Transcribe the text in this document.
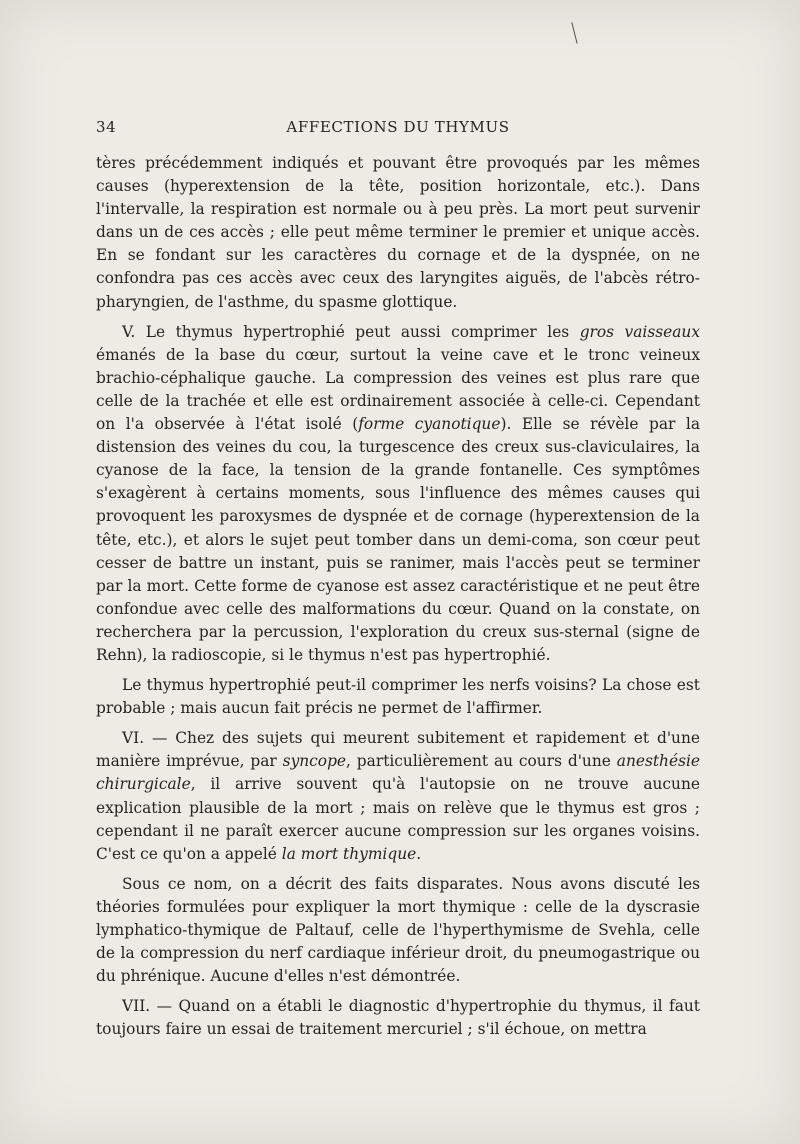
34	AFFECTIONS DU THYMUS

tères précédemment indiqués et pouvant être provoqués par les mêmes causes (hyperextension de la tête, position horizontale, etc.). Dans l'intervalle, la respiration est normale ou à peu près. La mort peut survenir dans un de ces accès ; elle peut même terminer le premier et unique accès. En se fondant sur les caractères du cornage et de la dyspnée, on ne confondra pas ces accès avec ceux des laryngites aiguës, de l'abcès rétro-pharyngien, de l'asthme, du spasme glottique.

V. Le thymus hypertrophié peut aussi comprimer les gros vaisseaux émanés de la base du cœur, surtout la veine cave et le tronc veineux brachio-céphalique gauche. La compression des veines est plus rare que celle de la trachée et elle est ordinairement associée à celle-ci. Cependant on l'a observée à l'état isolé (forme cyanotique). Elle se révèle par la distension des veines du cou, la turgescence des creux sus-claviculaires, la cyanose de la face, la tension de la grande fontanelle. Ces symptômes s'exagèrent à certains moments, sous l'influence des mêmes causes qui provoquent les paroxysmes de dyspnée et de cornage (hyperextension de la tête, etc.), et alors le sujet peut tomber dans un demi-coma, son cœur peut cesser de battre un instant, puis se ranimer, mais l'accès peut se terminer par la mort. Cette forme de cyanose est assez caractéristique et ne peut être confondue avec celle des malformations du cœur. Quand on la constate, on recherchera par la percussion, l'exploration du creux sus-sternal (signe de Rehn), la radioscopie, si le thymus n'est pas hypertrophié.

Le thymus hypertrophié peut-il comprimer les nerfs voisins? La chose est probable ; mais aucun fait précis ne permet de l'affirmer.

VI. — Chez des sujets qui meurent subitement et rapidement et d'une manière imprévue, par syncope, particulièrement au cours d'une anesthésie chirurgicale, il arrive souvent qu'à l'autopsie on ne trouve aucune explication plausible de la mort ; mais on relève que le thymus est gros ; cependant il ne paraît exercer aucune compression sur les organes voisins. C'est ce qu'on a appelé la mort thymique.

Sous ce nom, on a décrit des faits disparates. Nous avons discuté les théories formulées pour expliquer la mort thymique : celle de la dyscrasie lymphatico-thymique de Paltauf, celle de l'hyperthymisme de Svehla, celle de la compression du nerf cardiaque inférieur droit, du pneumogastrique ou du phrénique. Aucune d'elles n'est démontrée.

VII. — Quand on a établi le diagnostic d'hypertrophie du thymus, il faut toujours faire un essai de traitement mercuriel ; s'il échoue, on mettra
